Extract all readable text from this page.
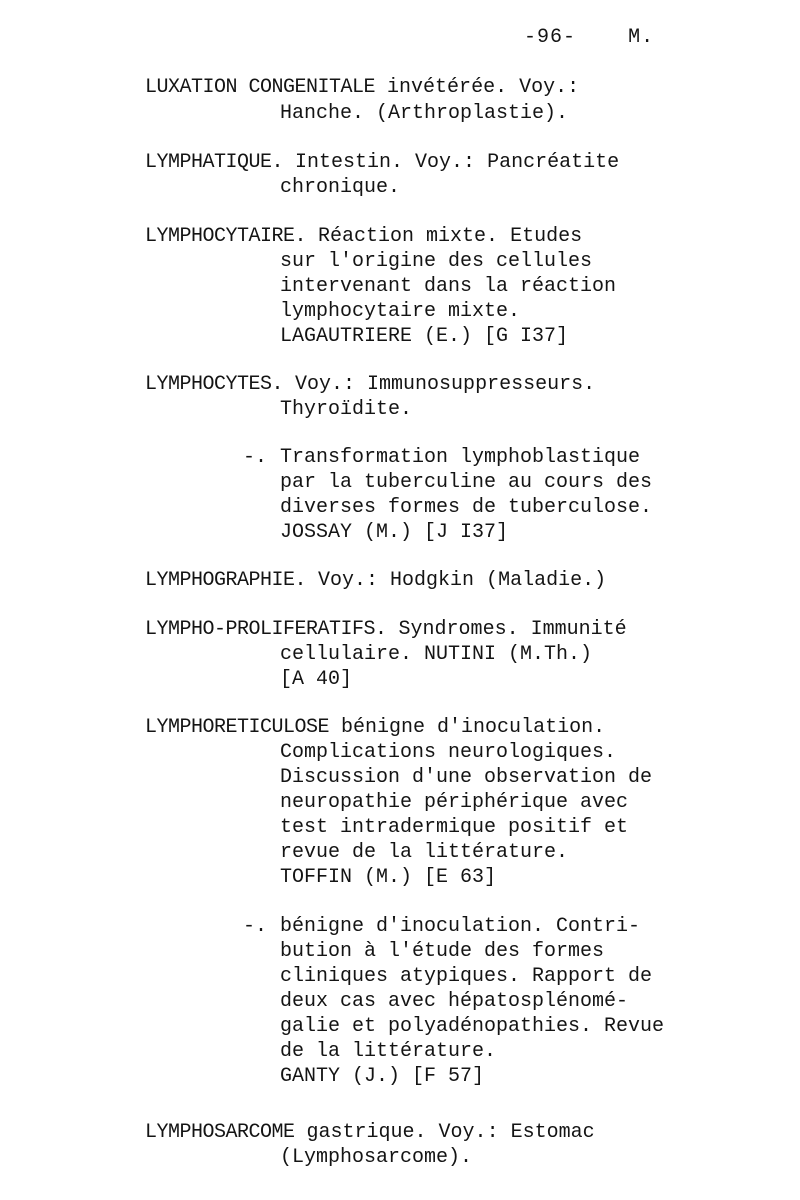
-96-	M.
LUXATION CONGENITALE invétérée. Voy.:
Hanche. (Arthroplastie).
LYMPHATIQUE. Intestin. Voy.: Pancréatite
chronique.
LYMPHOCYTAIRE. Réaction mixte. Etudes
sur l'origine des cellules
intervenant dans la réaction
lymphocytaire mixte.
LAGAUTRIERE (E.) [G I37]
LYMPHOCYTES. Voy.: Immunosuppresseurs.
Thyroïdite.
-. Transformation lymphoblastique
par la tuberculine au cours des
diverses formes de tuberculose.
JOSSAY (M.) [J I37]
LYMPHOGRAPHIE. Voy.: Hodgkin (Maladie.)
LYMPHO-PROLIFERATIFS. Syndromes. Immunité
cellulaire. NUTINI (M.Th.)
[A 40]
LYMPHORETICULOSE bénigne d'inoculation.
Complications neurologiques.
Discussion d'une observation de
neuropathie périphérique avec
test intradermique positif et
revue de la littérature.
TOFFIN (M.) [E 63]
-. bénigne d'inoculation. Contri-
bution à l'étude des formes
cliniques atypiques. Rapport de
deux cas avec hépatosplénomé-
galie et polyadénopathies. Revue
de la littérature.
GANTY (J.) [F 57]
LYMPHOSARCOME gastrique. Voy.: Estomac
(Lymphosarcome).
